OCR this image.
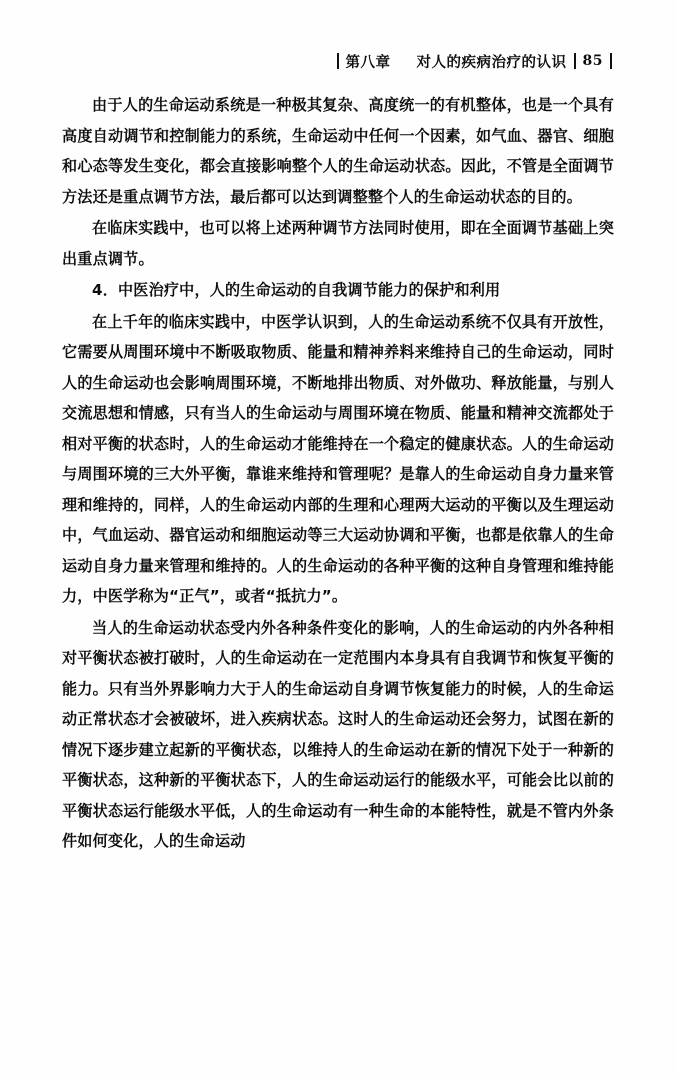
第八章 对人的疾病治疗的认识 85

由于人的生命运动系统是一种极其复杂、高度统一的有机整体，也是一个具有高度自动调节和控制能力的系统，生命运动中任何一个因素，如气血、器官、细胞和心态等发生变化，都会直接影响整个人的生命运动状态。因此，不管是全面调节方法还是重点调节方法，最后都可以达到调整整个人的生命运动状态的目的。

在临床实践中，也可以将上述两种调节方法同时使用，即在全面调节基础上突出重点调节。

4．中医治疗中，人的生命运动的自我调节能力的保护和利用

在上千年的临床实践中，中医学认识到，人的生命运动系统不仅具有开放性，它需要从周围环境中不断吸取物质、能量和精神养料来维持自己的生命运动，同时人的生命运动也会影响周围环境，不断地排出物质、对外做功、释放能量，与别人交流思想和情感，只有当人的生命运动与周围环境在物质、能量和精神交流都处于相对平衡的状态时，人的生命运动才能维持在一个稳定的健康状态。人的生命运动与周围环境的三大外平衡，靠谁来维持和管理呢？是靠人的生命运动自身力量来管理和维持的，同样，人的生命运动内部的生理和心理两大运动的平衡以及生理运动中，气血运动、器官运动和细胞运动等三大运动协调和平衡，也都是依靠人的生命运动自身力量来管理和维持的。人的生命运动的各种平衡的这种自身管理和维持能力，中医学称为“正气”，或者“抵抗力”。

当人的生命运动状态受内外各种条件变化的影响，人的生命运动的内外各种相对平衡状态被打破时，人的生命运动在一定范围内本身具有自我调节和恢复平衡的能力。只有当外界影响力大于人的生命运动自身调节恢复能力的时候，人的生命运动正常状态才会被破坏，进入疾病状态。这时人的生命运动还会努力，试图在新的情况下逐步建立起新的平衡状态，以维持人的生命运动在新的情况下处于一种新的平衡状态，这种新的平衡状态下，人的生命运动运行的能级水平，可能会比以前的平衡状态运行能级水平低，人的生命运动有一种生命的本能特性，就是不管内外条件如何变化，人的生命运动
